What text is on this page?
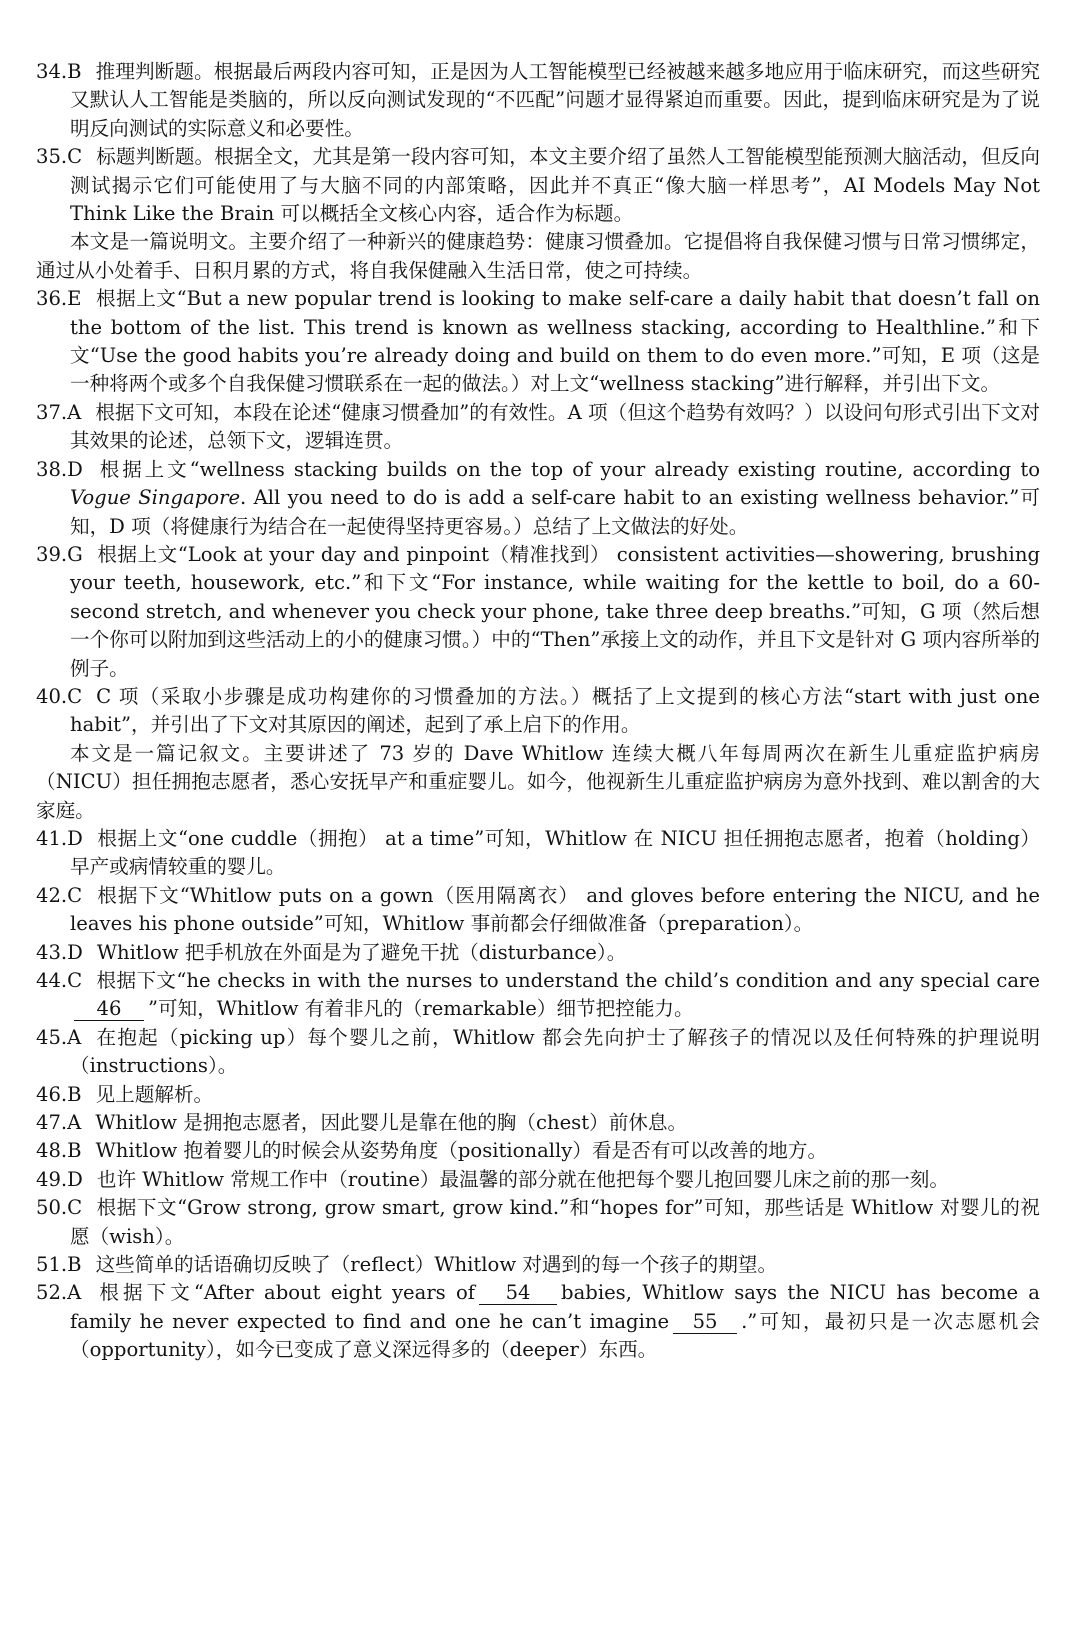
34.B 推理判断题。根据最后两段内容可知，正是因为人工智能模型已经被越来越多地应用于临床研究，而这些研究又默认人工智能是类脑的，所以反向测试发现的“不匹配”问题才显得紧迫而重要。因此，提到临床研究是为了说明反向测试的实际意义和必要性。

35.C 标题判断题。根据全文，尤其是第一段内容可知，本文主要介绍了虽然人工智能模型能预测大脑活动，但反向测试揭示它们可能使用了与大脑不同的内部策略，因此并不真正“像大脑一样思考”，AI Models May Not Think Like the Brain 可以概括全文核心内容，适合作为标题。

本文是一篇说明文。主要介绍了一种新兴的健康趋势：健康习惯叠加。它提倡将自我保健习惯与日常习惯绑定，通过从小处着手、日积月累的方式，将自我保健融入生活日常，使之可持续。

36.E 根据上文“But a new popular trend is looking to make self-care a daily habit that doesn’t fall on the bottom of the list. This trend is known as wellness stacking, according to Healthline.”和下文“Use the good habits you’re already doing and build on them to do even more.”可知，E 项（这是一种将两个或多个自我保健习惯联系在一起的做法。）对上文“wellness stacking”进行解释，并引出下文。

37.A 根据下文可知，本段在论述“健康习惯叠加”的有效性。A 项（但这个趋势有效吗？）以设问句形式引出下文对其效果的论述，总领下文，逻辑连贯。

38.D 根据上文“wellness stacking builds on the top of your already existing routine, according to Vogue Singapore. All you need to do is add a self-care habit to an existing wellness behavior.”可知，D 项（将健康行为结合在一起使得坚持更容易。）总结了上文做法的好处。

39.G 根据上文“Look at your day and pinpoint（精准找到） consistent activities—showering, brushing your teeth, housework, etc.”和下文“For instance, while waiting for the kettle to boil, do a 60-second stretch, and whenever you check your phone, take three deep breaths.”可知，G 项（然后想一个你可以附加到这些活动上的小的健康习惯。）中的“Then”承接上文的动作，并且下文是针对 G 项内容所举的例子。

40.C C 项（采取小步骤是成功构建你的习惯叠加的方法。）概括了上文提到的核心方法“start with just one habit”，并引出了下文对其原因的阐述，起到了承上启下的作用。

本文是一篇记叙文。主要讲述了 73 岁的 Dave Whitlow 连续大概八年每周两次在新生儿重症监护病房（NICU）担任拥抱志愿者，悉心安抚早产和重症婴儿。如今，他视新生儿重症监护病房为意外找到、难以割舍的大家庭。

41.D 根据上文“one cuddle（拥抱） at a time”可知，Whitlow 在 NICU 担任拥抱志愿者，抱着（holding）早产或病情较重的婴儿。

42.C 根据下文“Whitlow puts on a gown（医用隔离衣） and gloves before entering the NICU, and he leaves his phone outside”可知，Whitlow 事前都会仔细做准备（preparation）。

43.D Whitlow 把手机放在外面是为了避免干扰（disturbance）。

44.C 根据下文“he checks in with the nurses to understand the child’s condition and any special care46 ”可知，Whitlow 有着非凡的（remarkable）细节把控能力。

45.A 在抱起（picking up）每个婴儿之前，Whitlow 都会先向护士了解孩子的情况以及任何特殊的护理说明（instructions）。

46.B 见上题解析。

47.A Whitlow 是拥抱志愿者，因此婴儿是靠在他的胸（chest）前休息。

48.B Whitlow 抱着婴儿的时候会从姿势角度（positionally）看是否有可以改善的地方。

49.D 也许 Whitlow 常规工作中（routine）最温馨的部分就在他把每个婴儿抱回婴儿床之前的那一刻。

50.C 根据下文“Grow strong, grow smart, grow kind.”和“hopes for”可知，那些话是 Whitlow 对婴儿的祝愿（wish）。

51.B 这些简单的话语确切反映了（reflect）Whitlow 对遇到的每一个孩子的期望。

52.A 根据下文“After about eight years of 54 babies, Whitlow says the NICU has become a family he never expected to find and one he can’t imagine 55 .”可知，最初只是一次志愿机会（opportunity），如今已变成了意义深远得多的（deeper）东西。
